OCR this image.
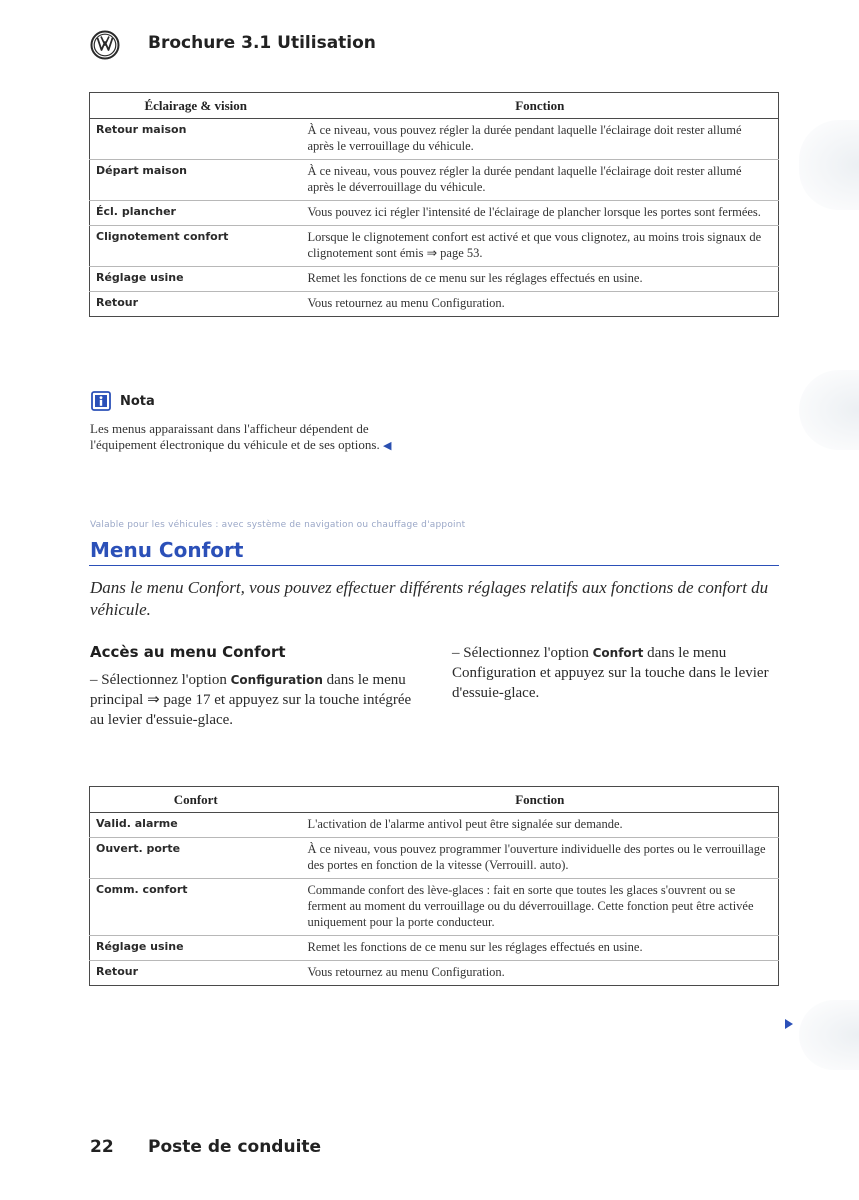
Brochure 3.1 Utilisation
Éclairage & vision	Fonction
Retour maison	À ce niveau, vous pouvez régler la durée pendant laquelle l'éclairage doit rester allumé après le verrouillage du véhicule.
Départ maison	À ce niveau, vous pouvez régler la durée pendant laquelle l'éclairage doit rester allumé après le déverrouillage du véhicule.
Écl. plancher	Vous pouvez ici régler l'intensité de l'éclairage de plancher lorsque les portes sont fermées.
Clignotement confort	Lorsque le clignotement confort est activé et que vous clignotez, au moins trois signaux de clignotement sont émis ⇒ page 53.
Réglage usine	Remet les fonctions de ce menu sur les réglages effectués en usine.
Retour	Vous retournez au menu Configuration.
Nota
Les menus apparaissant dans l'afficheur dépendent de l'équipement électronique du véhicule et de ses options. ◀
Valable pour les véhicules : avec système de navigation ou chauffage d'appoint
Menu Confort
Dans le menu Confort, vous pouvez effectuer différents réglages relatifs aux fonctions de confort du véhicule.
Accès au menu Confort
– Sélectionnez l'option Configuration dans le menu principal ⇒ page 17 et appuyez sur la touche intégrée au levier d'essuie-glace.
– Sélectionnez l'option Confort dans le menu Configuration et appuyez sur la touche dans le levier d'essuie-glace.
Confort	Fonction
Valid. alarme	L'activation de l'alarme antivol peut être signalée sur demande.
Ouvert. porte	À ce niveau, vous pouvez programmer l'ouverture individuelle des portes ou le verrouillage des portes en fonction de la vitesse (Verrouill. auto).
Comm. confort	Commande confort des lève-glaces : fait en sorte que toutes les glaces s'ouvrent ou se ferment au moment du verrouillage ou du déverrouillage. Cette fonction peut être activée uniquement pour la porte conducteur.
Réglage usine	Remet les fonctions de ce menu sur les réglages effectués en usine.
Retour	Vous retournez au menu Configuration.
22 Poste de conduite
